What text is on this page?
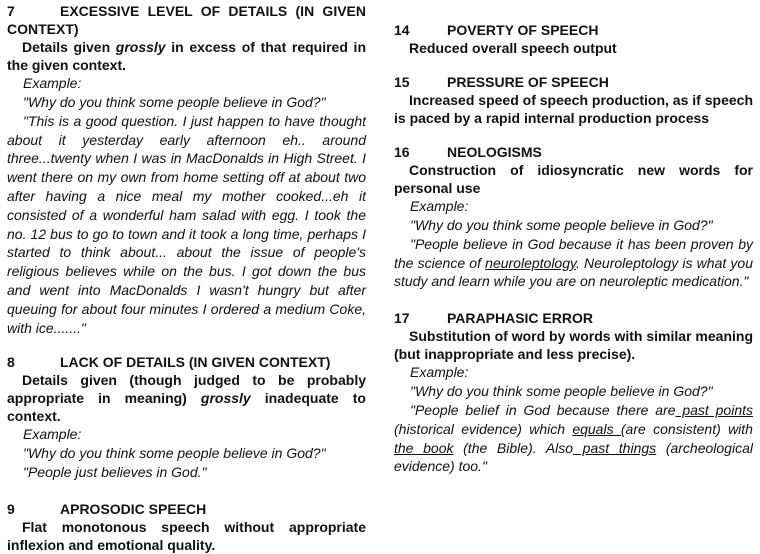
7	EXCESSIVE LEVEL OF DETAILS (IN GIVEN CONTEXT)
Details given grossly in excess of that required in the given context.
Example:
"Why do you think some people believe in God?"
"This is a good question. I just happen to have thought about it yesterday early afternoon eh.. around three...twenty when I was in MacDonalds in High Street. I went there on my own from home setting off at about two after having a nice meal my mother cooked...eh it consisted of a wonderful ham salad with egg. I took the no. 12 bus to go to town and it took a long time, perhaps I started to think about... about the issue of people's religious believes while on the bus. I got down the bus and went into MacDonalds I wasn't hungry but after queuing for about four minutes I ordered a medium Coke, with ice......."
8	LACK OF DETAILS (IN GIVEN CONTEXT)
Details given (though judged to be probably appropriate in meaning) grossly inadequate to context.
Example:
"Why do you think some people believe in God?"
"People just believes in God."
9	APROSODIC SPEECH
Flat monotonous speech without appropriate inflexion and emotional quality.
14	POVERTY OF SPEECH
Reduced overall speech output
15	PRESSURE OF SPEECH
Increased speed of speech production, as if speech is paced by a rapid internal production process
16	NEOLOGISMS
Construction of idiosyncratic new words for personal use
Example:
"Why do you think some people believe in God?"
"People believe in God because it has been proven by the science of neuroleptology. Neuroleptology is what you study and learn while you are on neuroleptic medication."
17	PARAPHASIC ERROR
Substitution of word by words with similar meaning (but inappropriate and less precise).
Example:
"Why do you think some people believe in God?"
"People belief in God because there are past points (historical evidence) which equals (are consistent) with the book (the Bible). Also past things (archeological evidence) too."
